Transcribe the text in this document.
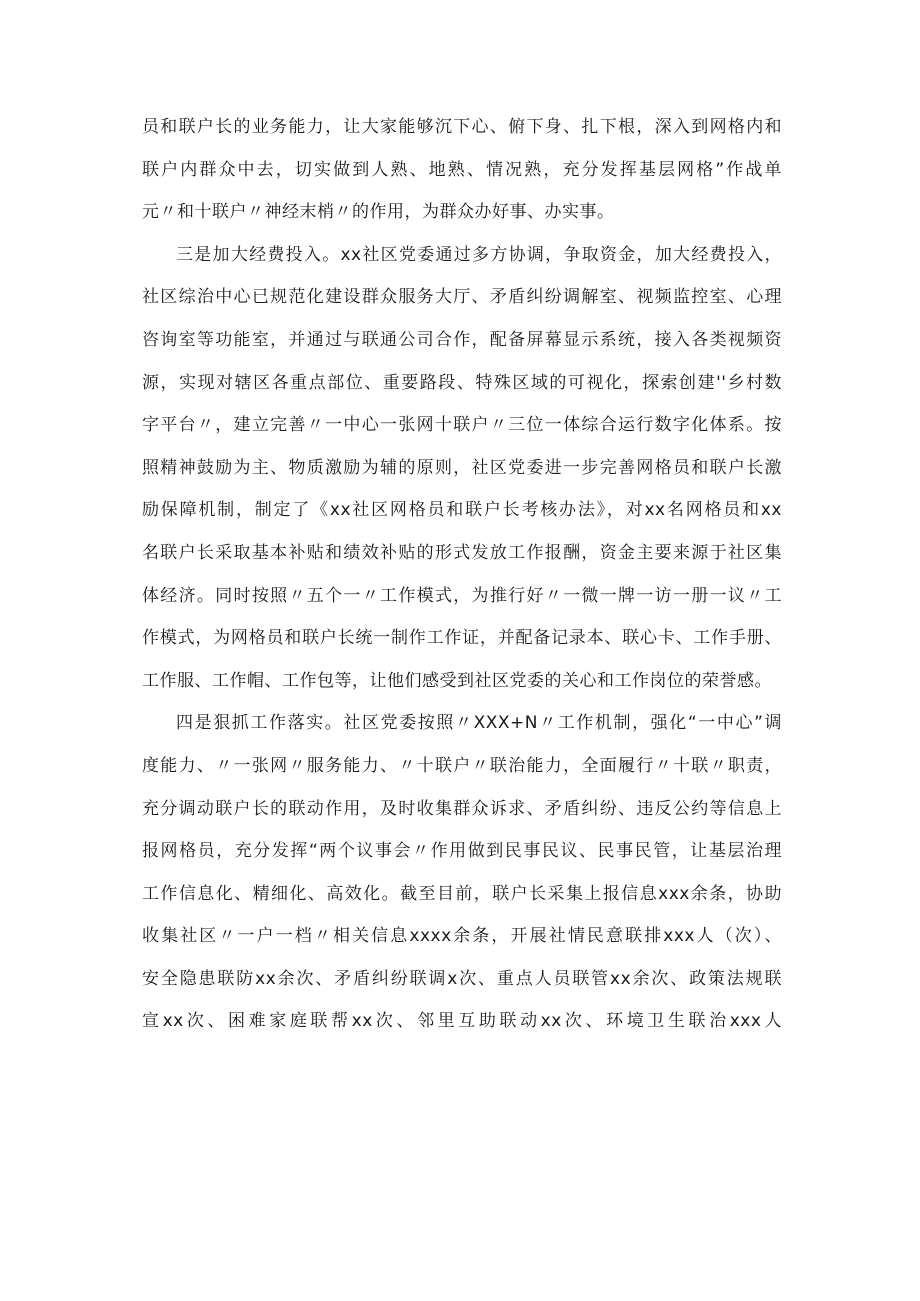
员和联户长的业务能力，让大家能够沉下心、俯下身、扎下根，深入到网格内和
联户内群众中去，切实做到人熟、地熟、情况熟，充分发挥基层网格”作战单
元〃和十联户〃神经末梢〃的作用，为群众办好事、办实事。
三是加大经费投入。xx社区党委通过多方协调，争取资金，加大经费投入，
社区综治中心已规范化建设群众服务大厅、矛盾纠纷调解室、视频监控室、心理
咨询室等功能室，并通过与联通公司合作，配备屏幕显示系统，接入各类视频资
源，实现对辖区各重点部位、重要路段、特殊区域的可视化，探索创建''乡村数
字平台〃，建立完善〃一中心一张网十联户〃三位一体综合运行数字化体系。按
照精神鼓励为主、物质激励为辅的原则，社区党委进一步完善网格员和联户长激
励保障机制，制定了《xx社区网格员和联户长考核办法》，对xx名网格员和xx
名联户长采取基本补贴和绩效补贴的形式发放工作报酬，资金主要来源于社区集
体经济。同时按照〃五个一〃工作模式，为推行好〃一微一牌一访一册一议〃工
作模式，为网格员和联户长统一制作工作证，并配备记录本、联心卡、工作手册、
工作服、工作帽、工作包等，让他们感受到社区党委的关心和工作岗位的荣誉感。
四是狠抓工作落实。社区党委按照〃XXX+N〃工作机制，强化“一中心”调
度能力、〃一张网〃服务能力、〃十联户〃联治能力，全面履行〃十联〃职责，
充分调动联户长的联动作用，及时收集群众诉求、矛盾纠纷、违反公约等信息上
报网格员，充分发挥“两个议事会〃作用做到民事民议、民事民管，让基层治理
工作信息化、精细化、高效化。截至目前，联户长采集上报信息xxx余条，协助
收集社区〃一户一档〃相关信息xxxx余条，开展社情民意联排xxx人（次）、
安全隐患联防xx余次、矛盾纠纷联调x次、重点人员联管xx余次、政策法规联
宣xx次、困难家庭联帮xx次、邻里互助联动xx次、环境卫生联治xxx人
